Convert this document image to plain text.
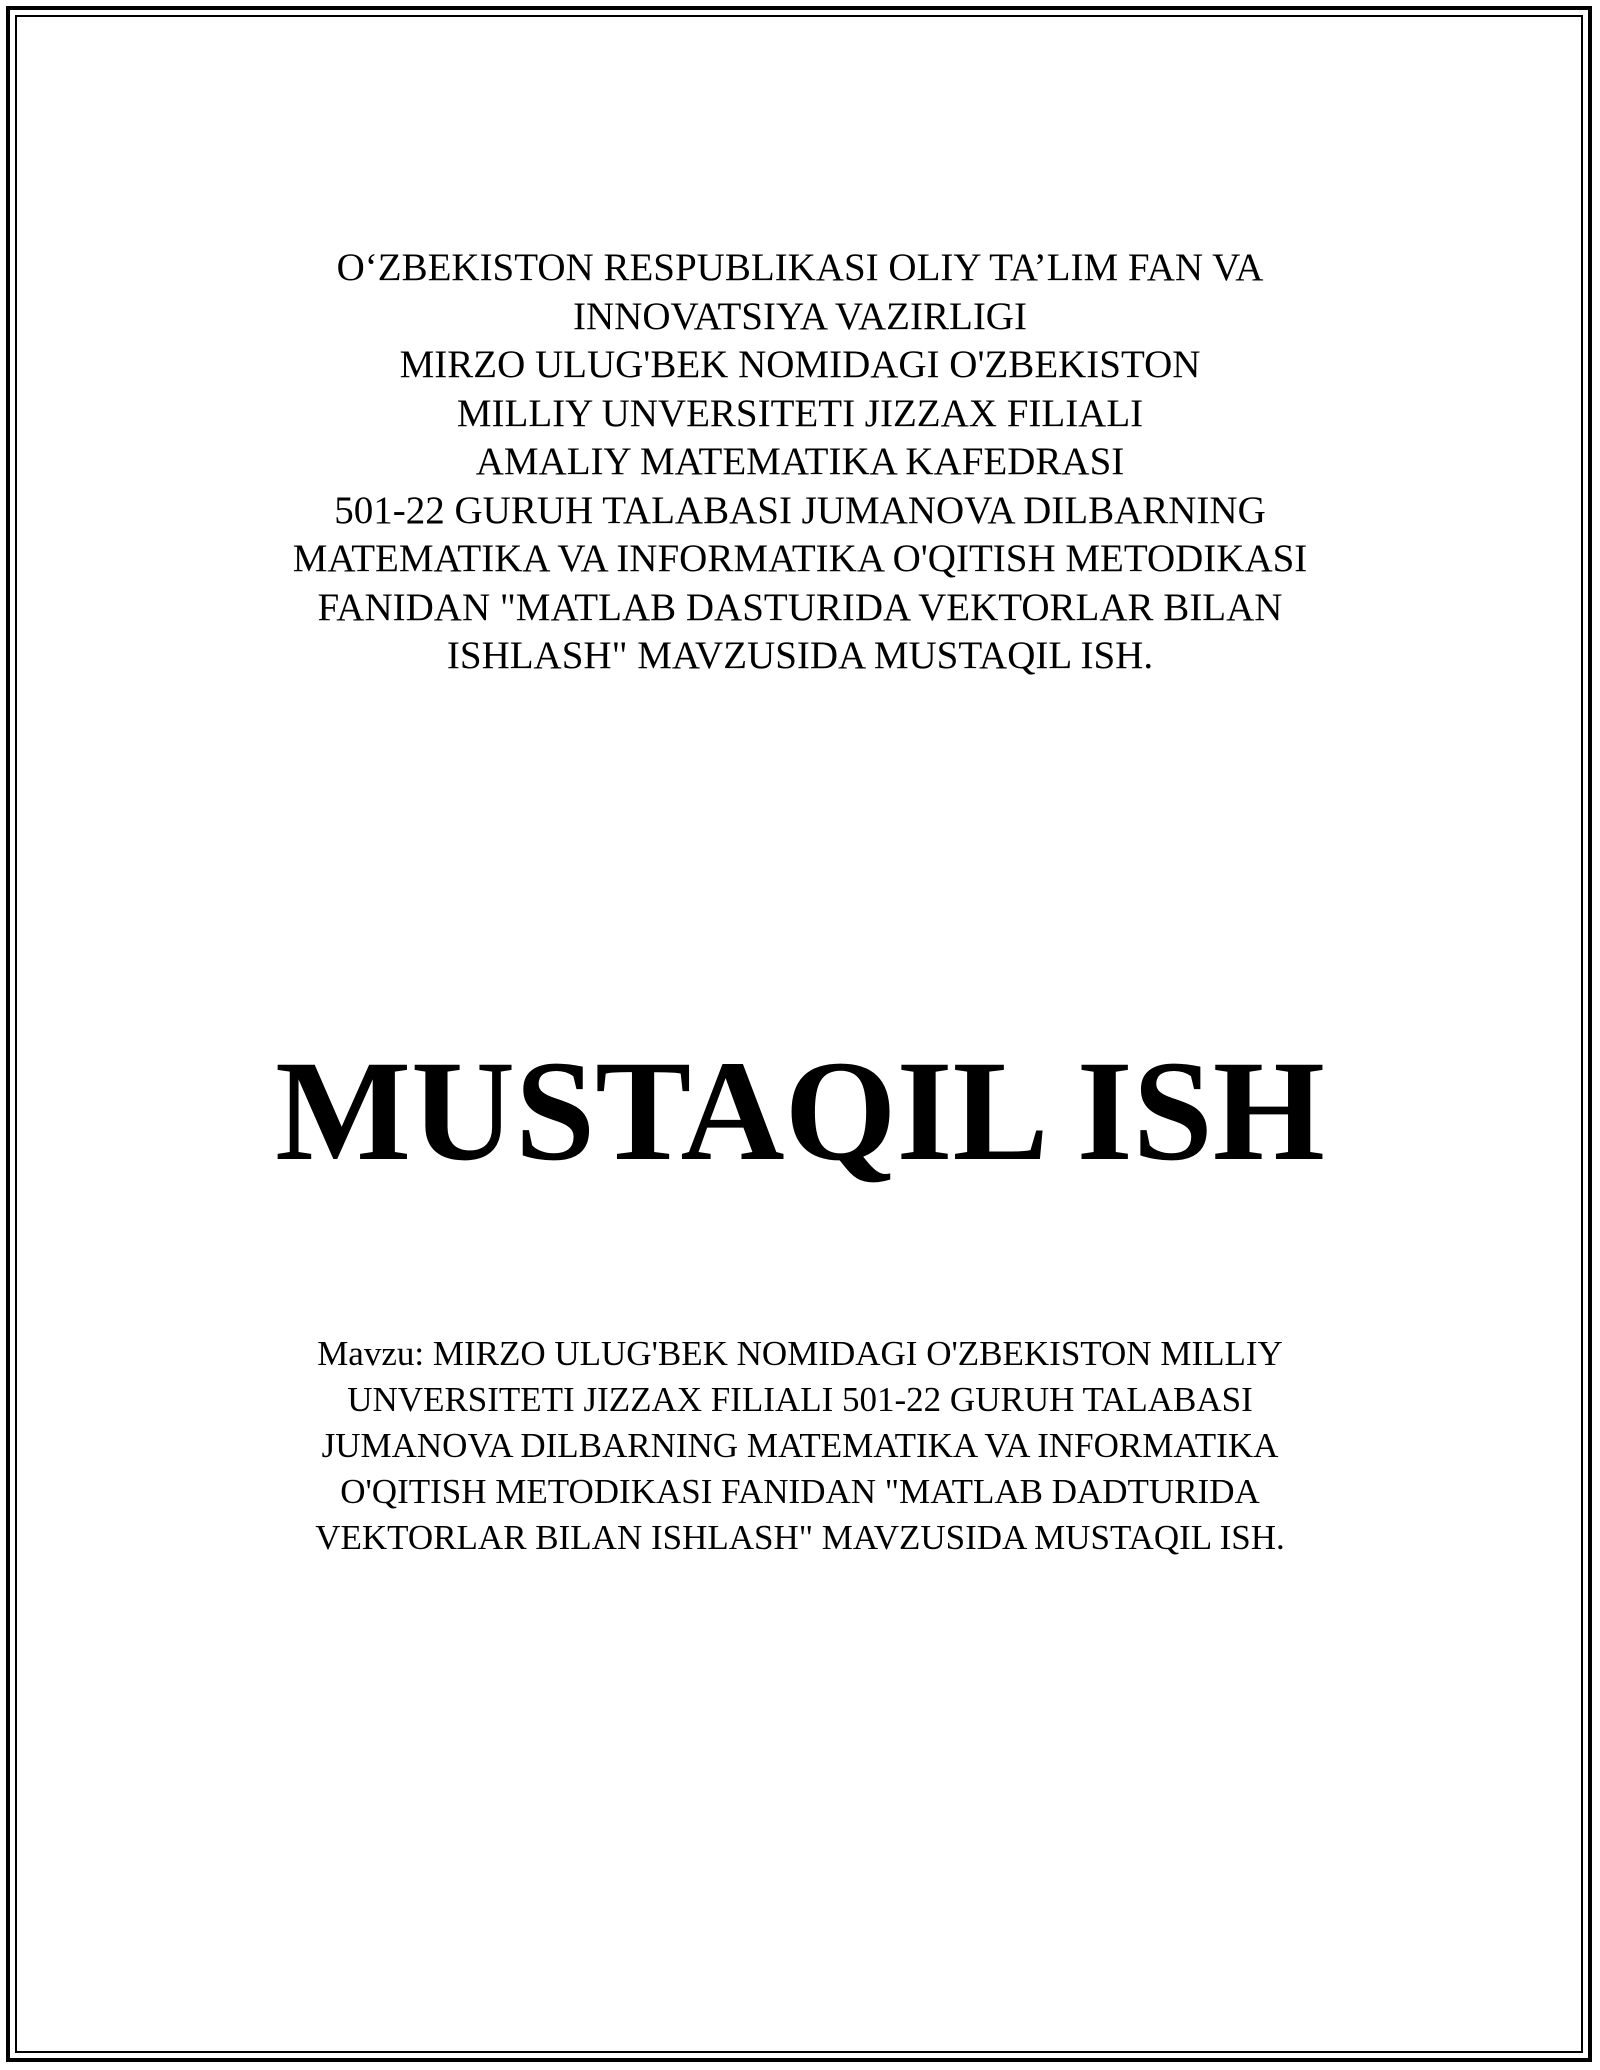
O‘ZBEKISTON RESPUBLIKASI OLIY TA’LIM FAN VA
INNOVATSIYA VAZIRLIGI
MIRZO ULUG'BEK NOMIDAGI O'ZBEKISTON
MILLIY UNVERSITETI JIZZAX FILIALI
AMALIY MATEMATIKA KAFEDRASI
501-22 GURUH TALABASI JUMANOVA DILBARNING
MATEMATIKA VA INFORMATIKA O'QITISH METODIKASI
FANIDAN "MATLAB DASTURIDA VEKTORLAR BILAN
ISHLASH" MAVZUSIDA MUSTAQIL ISH.
MUSTAQIL ISH
Mavzu: MIRZO ULUG'BEK NOMIDAGI O'ZBEKISTON MILLIY
UNVERSITETI JIZZAX FILIALI 501-22 GURUH TALABASI
JUMANOVA DILBARNING MATEMATIKA VA INFORMATIKA
O'QITISH METODIKASI FANIDAN "MATLAB DADTURIDA
VEKTORLAR BILAN ISHLASH" MAVZUSIDA MUSTAQIL ISH.
